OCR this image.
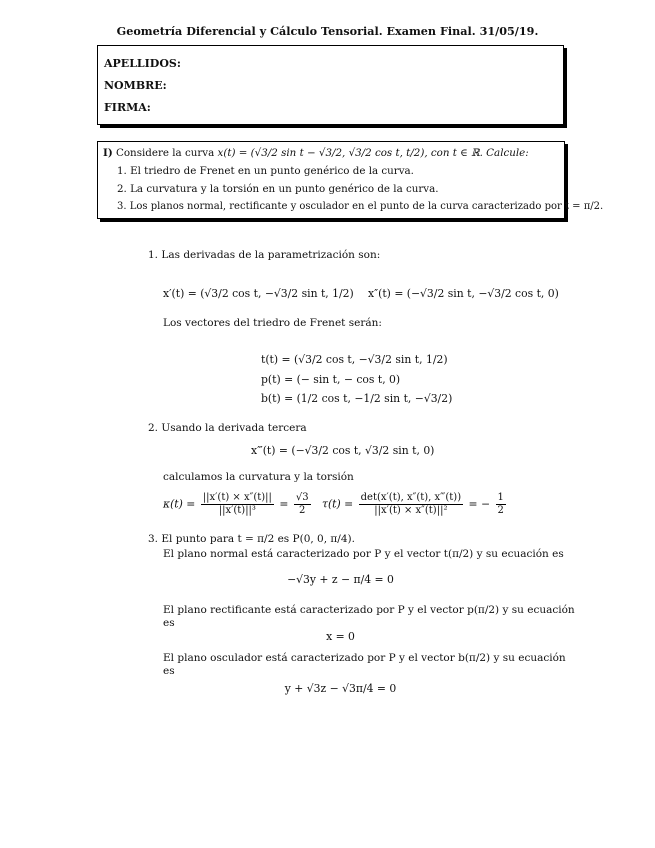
Geometría Diferencial y Cálculo Tensorial. Examen Final. 31/05/19.
APELLIDOS:
NOMBRE:
FIRMA:
I) Considere la curva x(t) = (√3/2 sin t − √3/2, √3/2 cos t, t/2), con t ∈ ℝ. Calcule:
1. El triedro de Frenet en un punto genérico de la curva.
2. La curvatura y la torsión en un punto genérico de la curva.
3. Los planos normal, rectificante y osculador en el punto de la curva caracterizado por t = π/2.
1. Las derivadas de la parametrización son:
x′(t) = (√3/2 cos t, −√3/2 sin t, 1/2) x″(t) = (−√3/2 sin t, −√3/2 cos t, 0)
Los vectores del triedro de Frenet serán:
t(t) = (√3/2 cos t, −√3/2 sin t, 1/2)
p(t) = (− sin t, − cos t, 0)
b(t) = (1/2 cos t, −1/2 sin t, −√3/2)
2. Usando la derivada tercera
x‴(t) = (−√3/2 cos t, √3/2 sin t, 0)
calculamos la curvatura y la torsión
$\kappa(t) = \frac{||x'(t) \times x''(t)||}{\text{||x′(t)||³}} = \frac{√3}{2} \tau(t) = \frac{\det(x'(t), x''(t), x‴(t))}{\text{||x′(t) × x″(t)||²}}$ = − $\frac{1}{2}$
3. El punto para t = π/2 es P(0, 0, π/4).
El plano normal está caracterizado por P y el vector t(π/2) y su ecuación es
−√3y + z − π/4 = 0
El plano rectificante está caracterizado por P y el vector p(π/2) y su ecuación
es
x = 0
El plano osculador está caracterizado por P y el vector b(π/2) y su ecuación
es
y + √3z − √3π/4 = 0
